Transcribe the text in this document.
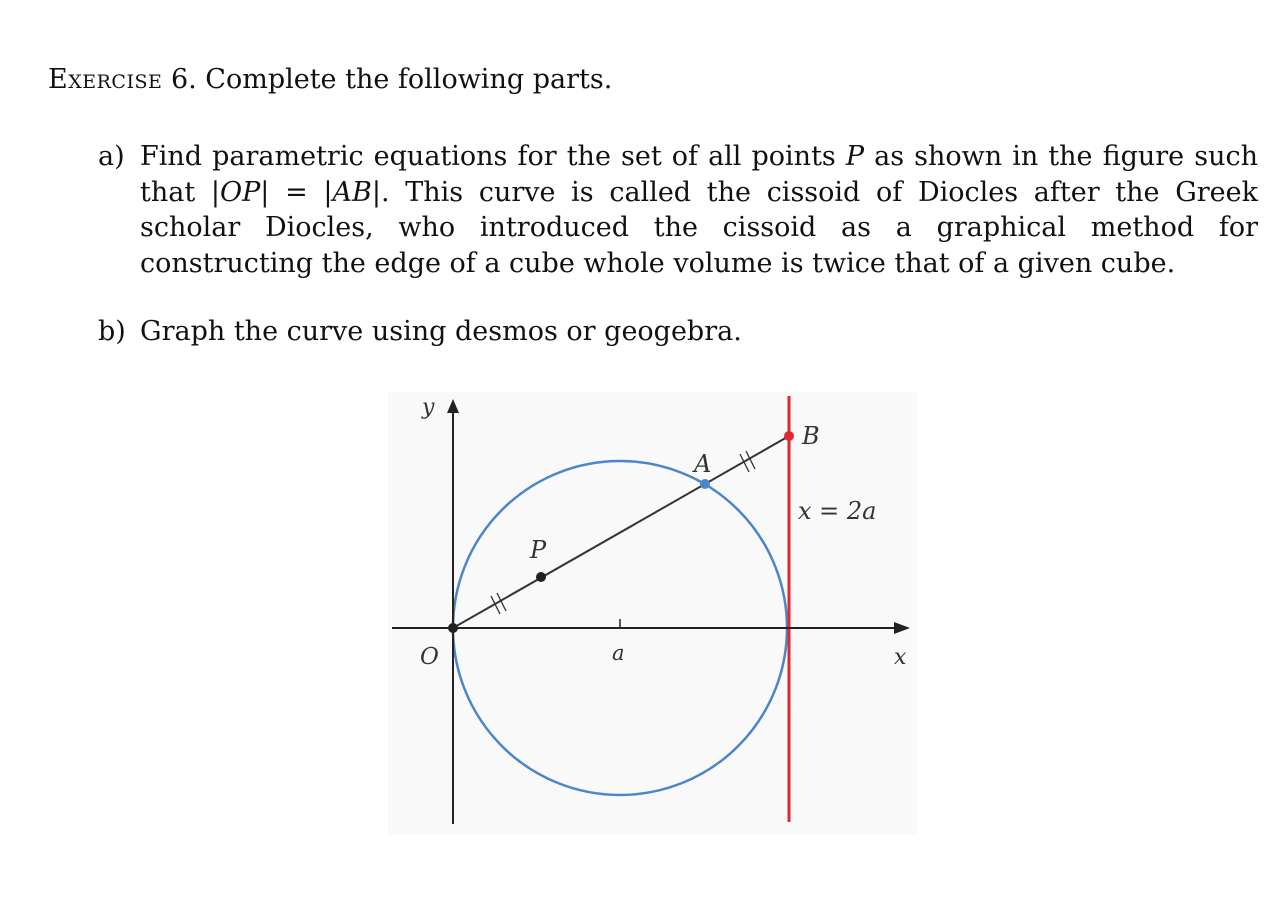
Exercise 6. Complete the following parts.
a) Find parametric equations for the set of all points P as shown in the figure such that |OP| = |AB|. This curve is called the cissoid of Diocles after the Greek scholar Diocles, who introduced the cissoid as a graphical method for constructing the edge of a cube whole volume is twice that of a given cube.
b) Graph the curve using desmos or geogebra.
y
x
O	a
P
A
B
x = 2a
